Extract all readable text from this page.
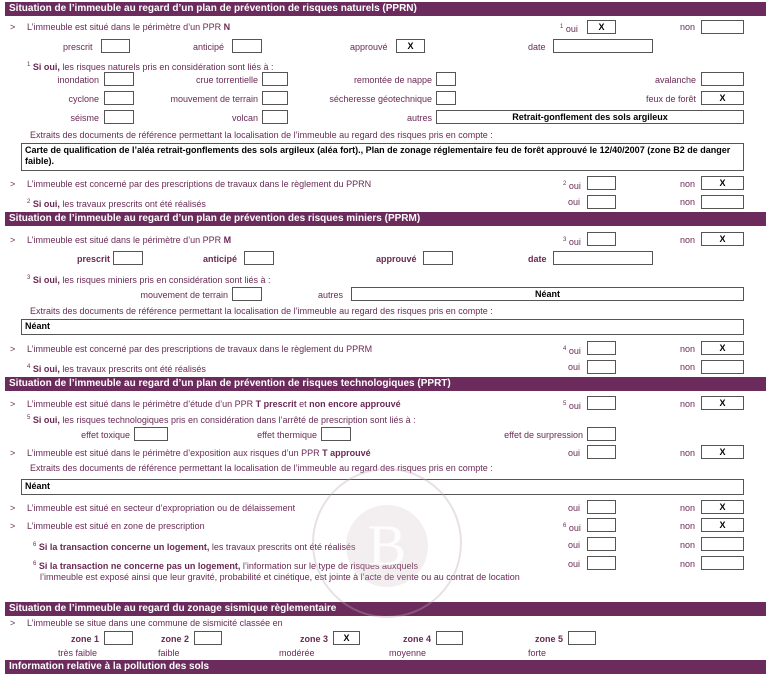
Situation de l’immeuble au regard d’un plan de prévention de risques naturels (PPRN)
> L’immeuble est situé dans le périmètre d’un PPR N	$^1$ oui	X	non
prescrit	anticipé	approuvé	X	date
$^1$ Si oui, les risques naturels pris en considération sont liés à :
inondation	crue torrentielle	remontée de nappe	avalanche
cyclone	mouvement de terrain	sécheresse géotechnique	feux de forêt	X
séisme	volcan	autres	Retrait-gonflement des sols argileux
Extraits des documents de référence permettant la localisation de l’immeuble au regard des risques pris en compte :
Carte de qualification de l’aléa retrait-gonflements des sols argileux (aléa fort)., Plan de zonage réglementaire feu de forêt approuvé le 12/40/2007 (zone B2 de danger faible).
> L’immeuble est concerné par des prescriptions de travaux dans le règlement du PPRN	$^2$ oui	non	X
$^2$ Si oui, les travaux prescrits ont été réalisés	oui	non
Situation de l’immeuble au regard d’un plan de prévention des risques miniers (PPRM)
> L’immeuble est situé dans le périmètre d’un PPR M	$^3$ oui	non	X
prescrit	anticipé	approuvé	date
$^3$ Si oui, les risques miniers pris en considération sont liés à :
mouvement de terrain	autres	Néant
Extraits des documents de référence permettant la localisation de l’immeuble au regard des risques pris en compte :
Néant
> L’immeuble est concerné par des prescriptions de travaux dans le règlement du PPRM	$^4$ oui	non	X
$^4$ Si oui, les travaux prescrits ont été réalisés	oui	non
Situation de l’immeuble au regard d’un plan de prévention de risques technologiques (PPRT)
> L’immeuble est situé dans le périmètre d’étude d’un PPR T prescrit et non encore approuvé	$^5$ oui	non	X
$^5$ Si oui, les risques technologiques pris en considération dans l’arrêté de prescription sont liés à :
effet toxique	effet thermique	effet de surpression
> L’immeuble est situé dans le périmètre d’exposition aux risques d’un PPR T approuvé	oui	non	X
Extraits des documents de référence permettant la localisation de l’immeuble au regard des risques pris en compte :
Néant
> L’immeuble est situé en secteur d’expropriation ou de délaissement	oui	non	X
> L’immeuble est situé en zone de prescription	$^6$ oui	non	X
$^6$ Si la transaction concerne un logement, les travaux prescrits ont été réalisés	oui	non
$^6$ Si la transaction ne concerne pas un logement, l’information sur le type de risques auxquels
l’immeuble est exposé ainsi que leur gravité, probabilité et cinétique, est jointe à l’acte de vente ou au contrat de location
oui	non
Situation de l’immeuble au regard du zonage sismique règlementaire
> L’immeuble se situe dans une commune de sismicité classée en
zone 1
très faible
zone 2
faible
zone 3	X
modérée
zone 4
moyenne
zone 5
forte
Information relative à la pollution des sols
B
